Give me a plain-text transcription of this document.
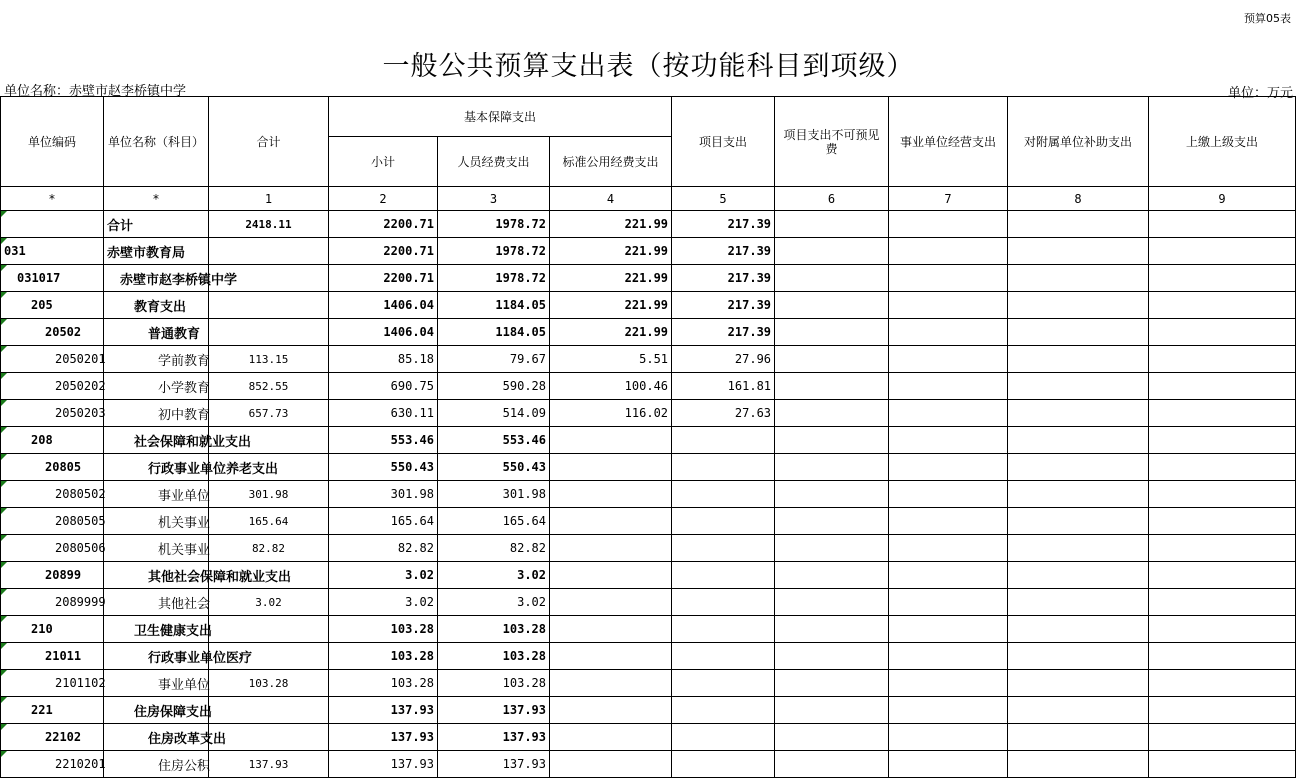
预算05表
一般公共预算支出表（按功能科目到项级）
单位名称：赤壁市赵李桥镇中学	单位：万元
单位编码	单位名称（科目）	合计	基本保障支出			项目支出	项目支出不可预见费	事业单位经营支出	对附属单位补助支出	上缴上级支出
			小计	人员经费支出	标准公用经费支出					
*	*	1	2	3	4	5	6	7	8	9
	合计	2418.11	2200.71	1978.72	221.99	217.39				
031	赤壁市教育局		2200.71	1978.72	221.99	217.39				
031017	赤壁市赵李桥镇中学		2200.71	1978.72	221.99	217.39				
205	教育支出		1406.04	1184.05	221.99	217.39				
20502	普通教育		1406.04	1184.05	221.99	217.39				
2050201	学前教育	113.15	85.18	79.67	5.51	27.96				
2050202	小学教育	852.55	690.75	590.28	100.46	161.81				
2050203	初中教育	657.73	630.11	514.09	116.02	27.63				
208	社会保障和就业支出		553.46	553.46						
20805	行政事业单位养老支出		550.43	550.43						
2080502	事业单位	301.98	301.98	301.98						
2080505	机关事业	165.64	165.64	165.64						
2080506	机关事业	82.82	82.82	82.82						
20899	其他社会保障和就业支出		3.02	3.02						
2089999	其他社会	3.02	3.02	3.02						
210	卫生健康支出		103.28	103.28						
21011	行政事业单位医疗		103.28	103.28						
2101102	事业单位	103.28	103.28	103.28						
221	住房保障支出		137.93	137.93						
22102	住房改革支出		137.93	137.93						
2210201	住房公积	137.93	137.93	137.93						
